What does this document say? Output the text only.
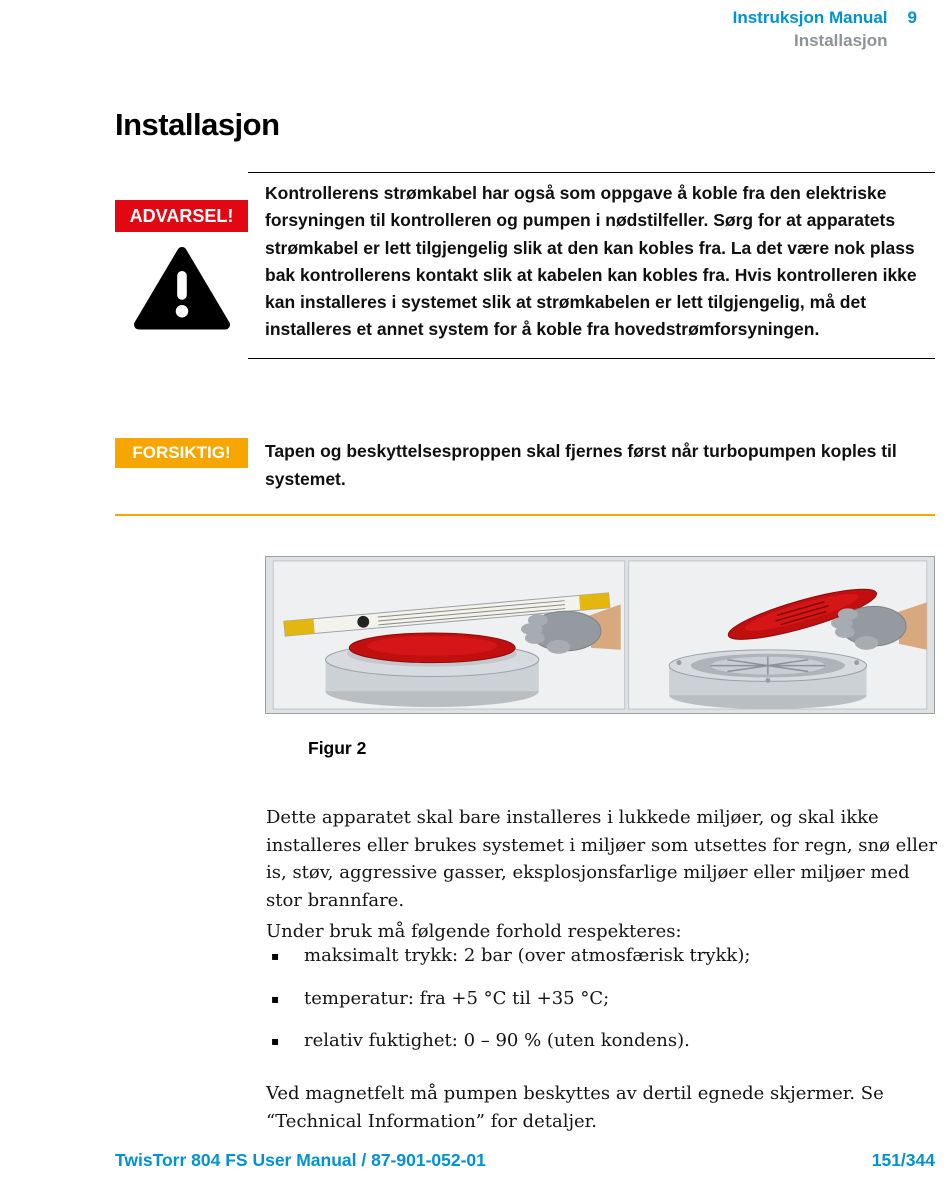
Instruksjon Manual
Installasjon
9
Installasjon
ADVARSEL!
Kontrollerens strømkabel har også som oppgave å koble fra den elektriske forsyningen til kontrolleren og pumpen i nødstilfeller. Sørg for at apparatets strømkabel er lett tilgjengelig slik at den kan kobles fra. La det være nok plass bak kontrollerens kontakt slik at kabelen kan kobles fra. Hvis kontrolleren ikke kan installeres i systemet slik at strømkabelen er lett tilgjengelig, må det installeres et annet system for å koble fra hovedstrømforsyningen.
FORSIKTIG!	Tapen og beskyttelsesproppen skal fjernes først når turbopumpen koples til systemet.
Figur 2

Dette apparatet skal bare installeres i lukkede miljøer, og skal ikke installeres eller brukes systemet i miljøer som utsettes for regn, snø eller is, støv, aggressive gasser, eksplosjonsfarlige miljøer eller miljøer med stor brannfare.

Under bruk må følgende forhold respekteres:

▪ maksimalt trykk: 2 bar (over atmosfærisk trykk);
▪ temperatur: fra +5 °C til +35 °C;
▪ relativ fuktighet: 0 – 90 % (uten kondens).

Ved magnetfelt må pumpen beskyttes av dertil egnede skjermer. Se “Technical Information” for detaljer.

TwisTorr 804 FS User Manual / 87-901-052-01	151/344
